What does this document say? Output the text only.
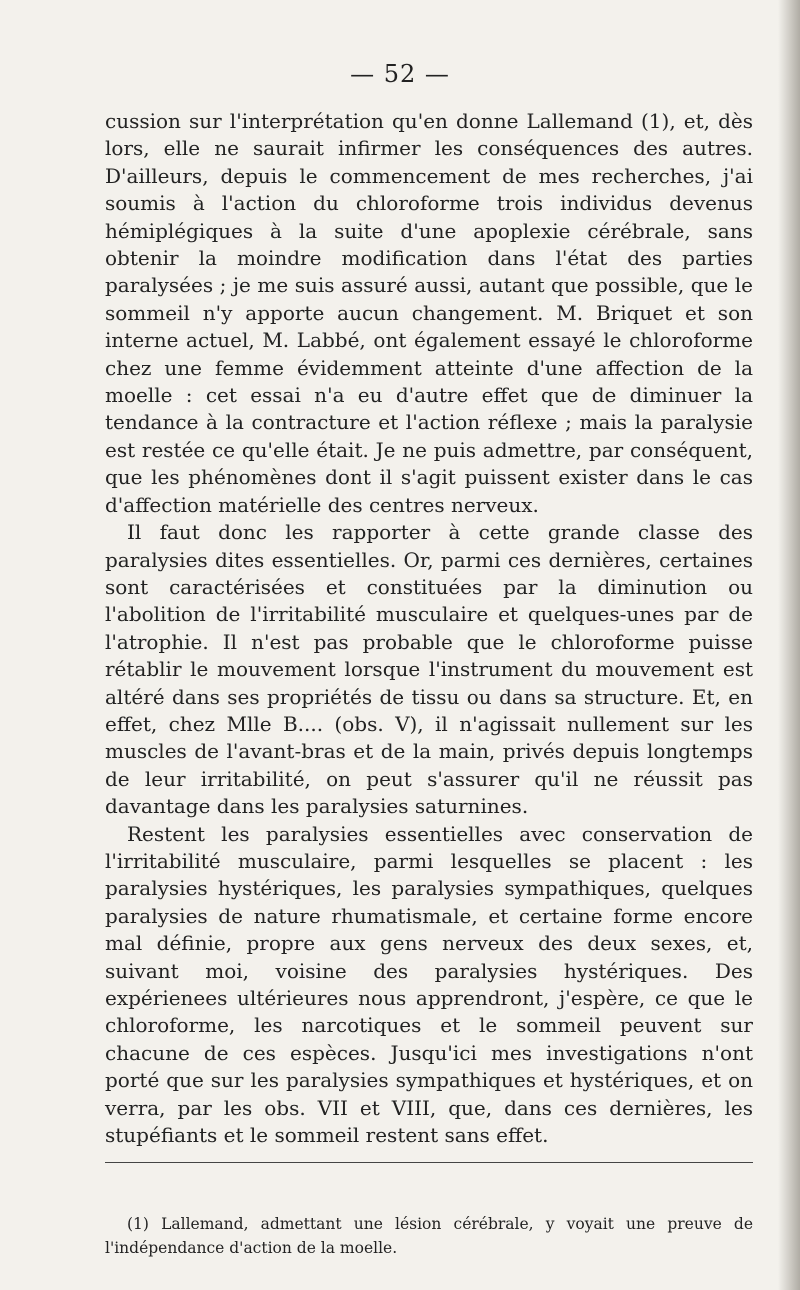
— 52 —

cussion sur l'interprétation qu'en donne Lallemand (1), et, dès lors, elle ne saurait infirmer les conséquences des autres. D'ailleurs, depuis le commencement de mes recherches, j'ai soumis à l'action du chloroforme trois individus devenus hémiplégiques à la suite d'une apoplexie cérébrale, sans obtenir la moindre modification dans l'état des parties paralysées ; je me suis assuré aussi, autant que possible, que le sommeil n'y apporte aucun changement. M. Briquet et son interne actuel, M. Labbé, ont également essayé le chloroforme chez une femme évidemment atteinte d'une affection de la moelle : cet essai n'a eu d'autre effet que de diminuer la tendance à la contracture et l'action réflexe ; mais la paralysie est restée ce qu'elle était. Je ne puis admettre, par conséquent, que les phénomènes dont il s'agit puissent exister dans le cas d'affection matérielle des centres nerveux.

Il faut donc les rapporter à cette grande classe des paralysies dites essentielles. Or, parmi ces dernières, certaines sont caractérisées et constituées par la diminution ou l'abolition de l'irritabilité musculaire et quelques-unes par de l'atrophie. Il n'est pas probable que le chloroforme puisse rétablir le mouvement lorsque l'instrument du mouvement est altéré dans ses propriétés de tissu ou dans sa structure. Et, en effet, chez Mlle B.... (obs. V), il n'agissait nullement sur les muscles de l'avant-bras et de la main, privés depuis longtemps de leur irritabilité, on peut s'assurer qu'il ne réussit pas davantage dans les paralysies saturnines.

Restent les paralysies essentielles avec conservation de l'irritabilité musculaire, parmi lesquelles se placent : les paralysies hystériques, les paralysies sympathiques, quelques paralysies de nature rhumatismale, et certaine forme encore mal définie, propre aux gens nerveux des deux sexes, et, suivant moi, voisine des paralysies hystériques. Des expérienees ultérieures nous apprendront, j'espère, ce que le chloroforme, les narcotiques et le sommeil peuvent sur chacune de ces espèces. Jusqu'ici mes investigations n'ont porté que sur les paralysies sympathiques et hystériques, et on verra, par les obs. VII et VIII, que, dans ces dernières, les stupéfiants et le sommeil restent sans effet.

(1) Lallemand, admettant une lésion cérébrale, y voyait une preuve de l'indépendance d'action de la moelle.
